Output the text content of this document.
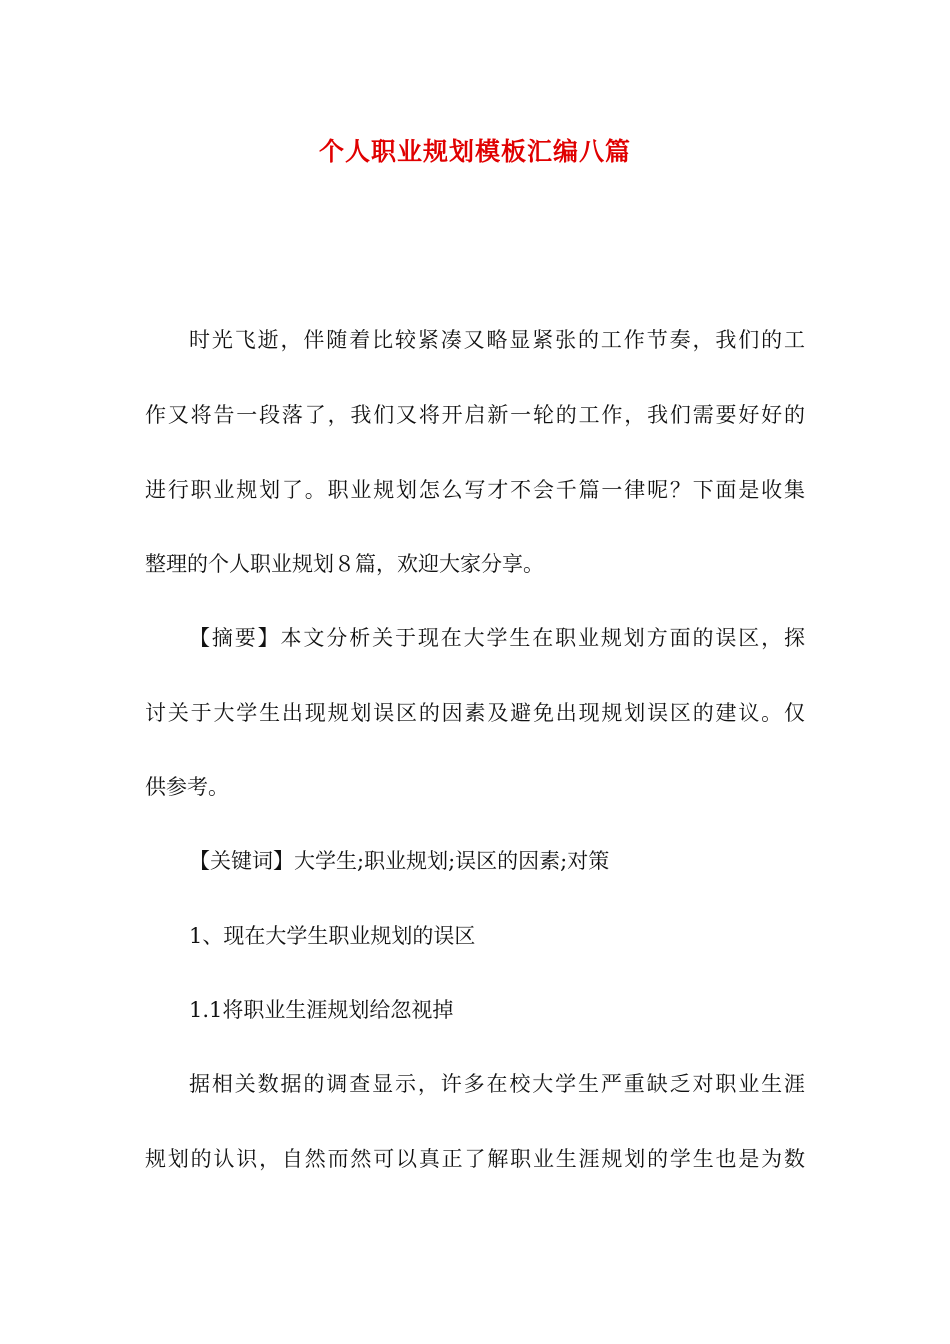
个人职业规划模板汇编八篇
时光飞逝，伴随着比较紧凑又略显紧张的工作节奏，我们的工
作又将告一段落了，我们又将开启新一轮的工作，我们需要好好的
进行职业规划了。职业规划怎么写才不会千篇一律呢？下面是收集
整理的个人职业规划８篇，欢迎大家分享。
【摘要】本文分析关于现在大学生在职业规划方面的误区，探
讨关于大学生出现规划误区的因素及避免出现规划误区的建议。仅
供参考。
【关键词】大学生;职业规划;误区的因素;对策
1、现在大学生职业规划的误区
1.1将职业生涯规划给忽视掉
据相关数据的调查显示，许多在校大学生严重缺乏对职业生涯
规划的认识，自然而然可以真正了解职业生涯规划的学生也是为数
